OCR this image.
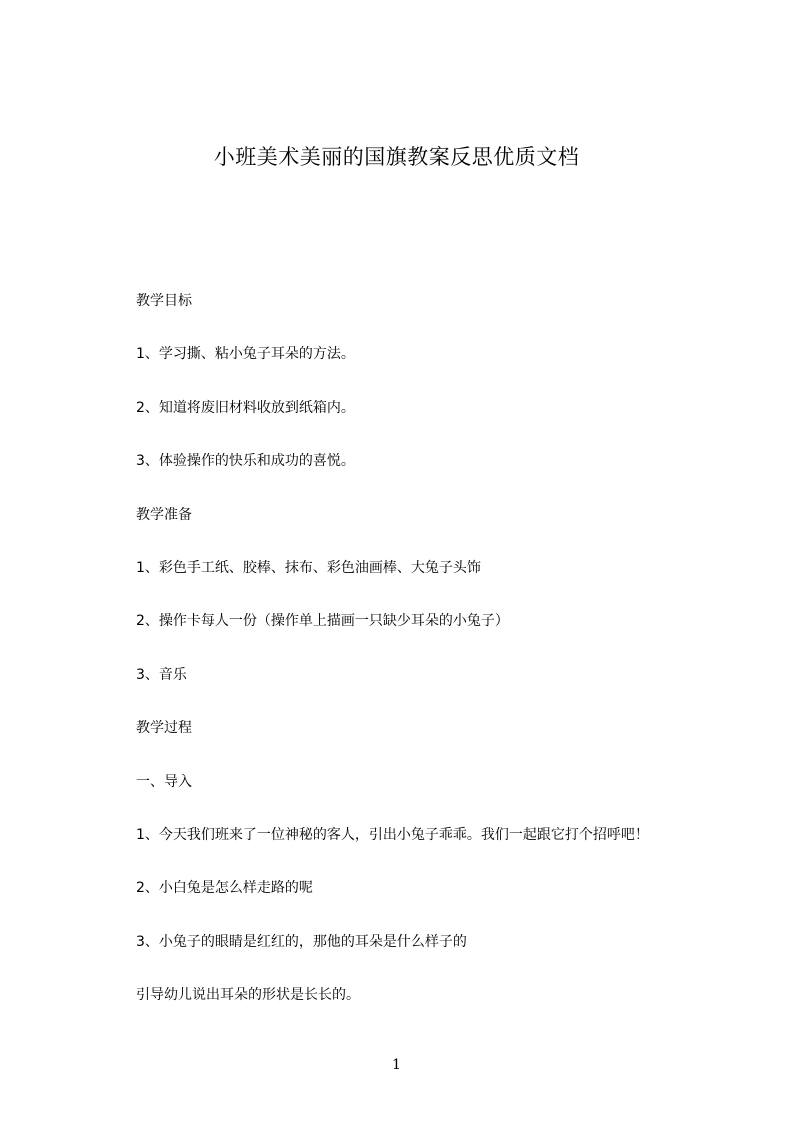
小班美术美丽的国旗教案反思优质文档
教学目标
1、学习撕、粘小兔子耳朵的方法。
2、知道将废旧材料收放到纸箱内。
3、体验操作的快乐和成功的喜悦。
教学准备
1、彩色手工纸、胶棒、抹布、彩色油画棒、大兔子头饰
2、操作卡每人一份（操作单上描画一只缺少耳朵的小兔子）
3、音乐
教学过程
一、导入
1、今天我们班来了一位神秘的客人，引出小兔子乖乖。我们一起跟它打个招呼吧！
2、小白兔是怎么样走路的呢
3、小兔子的眼睛是红红的，那他的耳朵是什么样子的
引导幼儿说出耳朵的形状是长长的。
1
